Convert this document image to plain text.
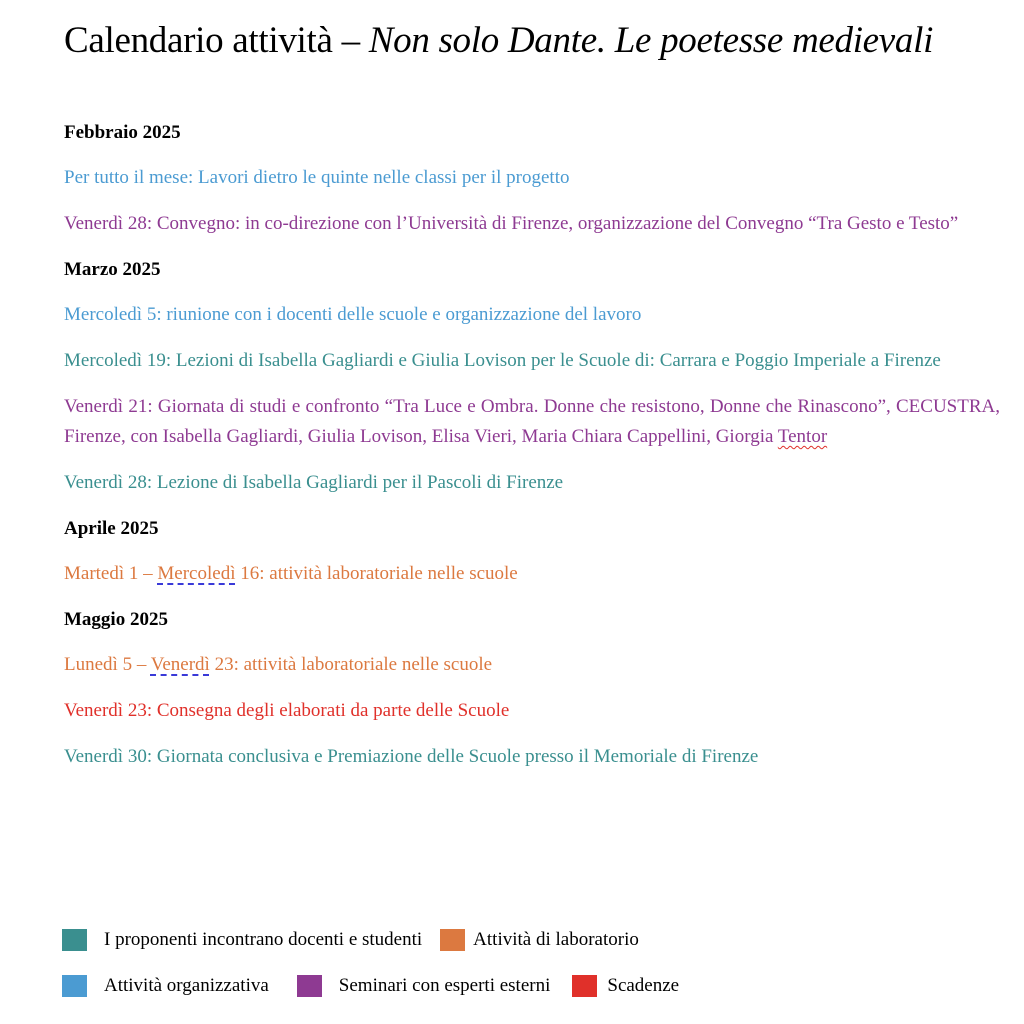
Calendario attività – Non solo Dante. Le poetesse medievali
Febbraio 2025

Per tutto il mese: Lavori dietro le quinte nelle classi per il progetto

Venerdì 28: Convegno: in co-direzione con l’Università di Firenze, organizzazione del Convegno “Tra Gesto e Testo”

Marzo 2025

Mercoledì 5: riunione con i docenti delle scuole e organizzazione del lavoro

Mercoledì 19: Lezioni di Isabella Gagliardi e Giulia Lovison per le Scuole di: Carrara e Poggio Imperiale a Firenze

Venerdì 21: Giornata di studi e confronto “Tra Luce e Ombra. Donne che resistono, Donne che Rinascono”, CECUSTRA, Firenze, con Isabella Gagliardi, Giulia Lovison, Elisa Vieri, Maria Chiara Cappellini, Giorgia Tentor

Venerdì 28: Lezione di Isabella Gagliardi per il Pascoli di Firenze

Aprile 2025

Martedì 1 – Mercoledì 16: attività laboratoriale nelle scuole

Maggio 2025

Lunedì 5 – Venerdì 23: attività laboratoriale nelle scuole

Venerdì 23: Consegna degli elaborati da parte delle Scuole

Venerdì 30: Giornata conclusiva e Premiazione delle Scuole presso il Memoriale di Firenze

I proponenti incontrano docenti e studenti	Attività di laboratorio
Attività organizzativa	Seminari con esperti esterni	Scadenze
